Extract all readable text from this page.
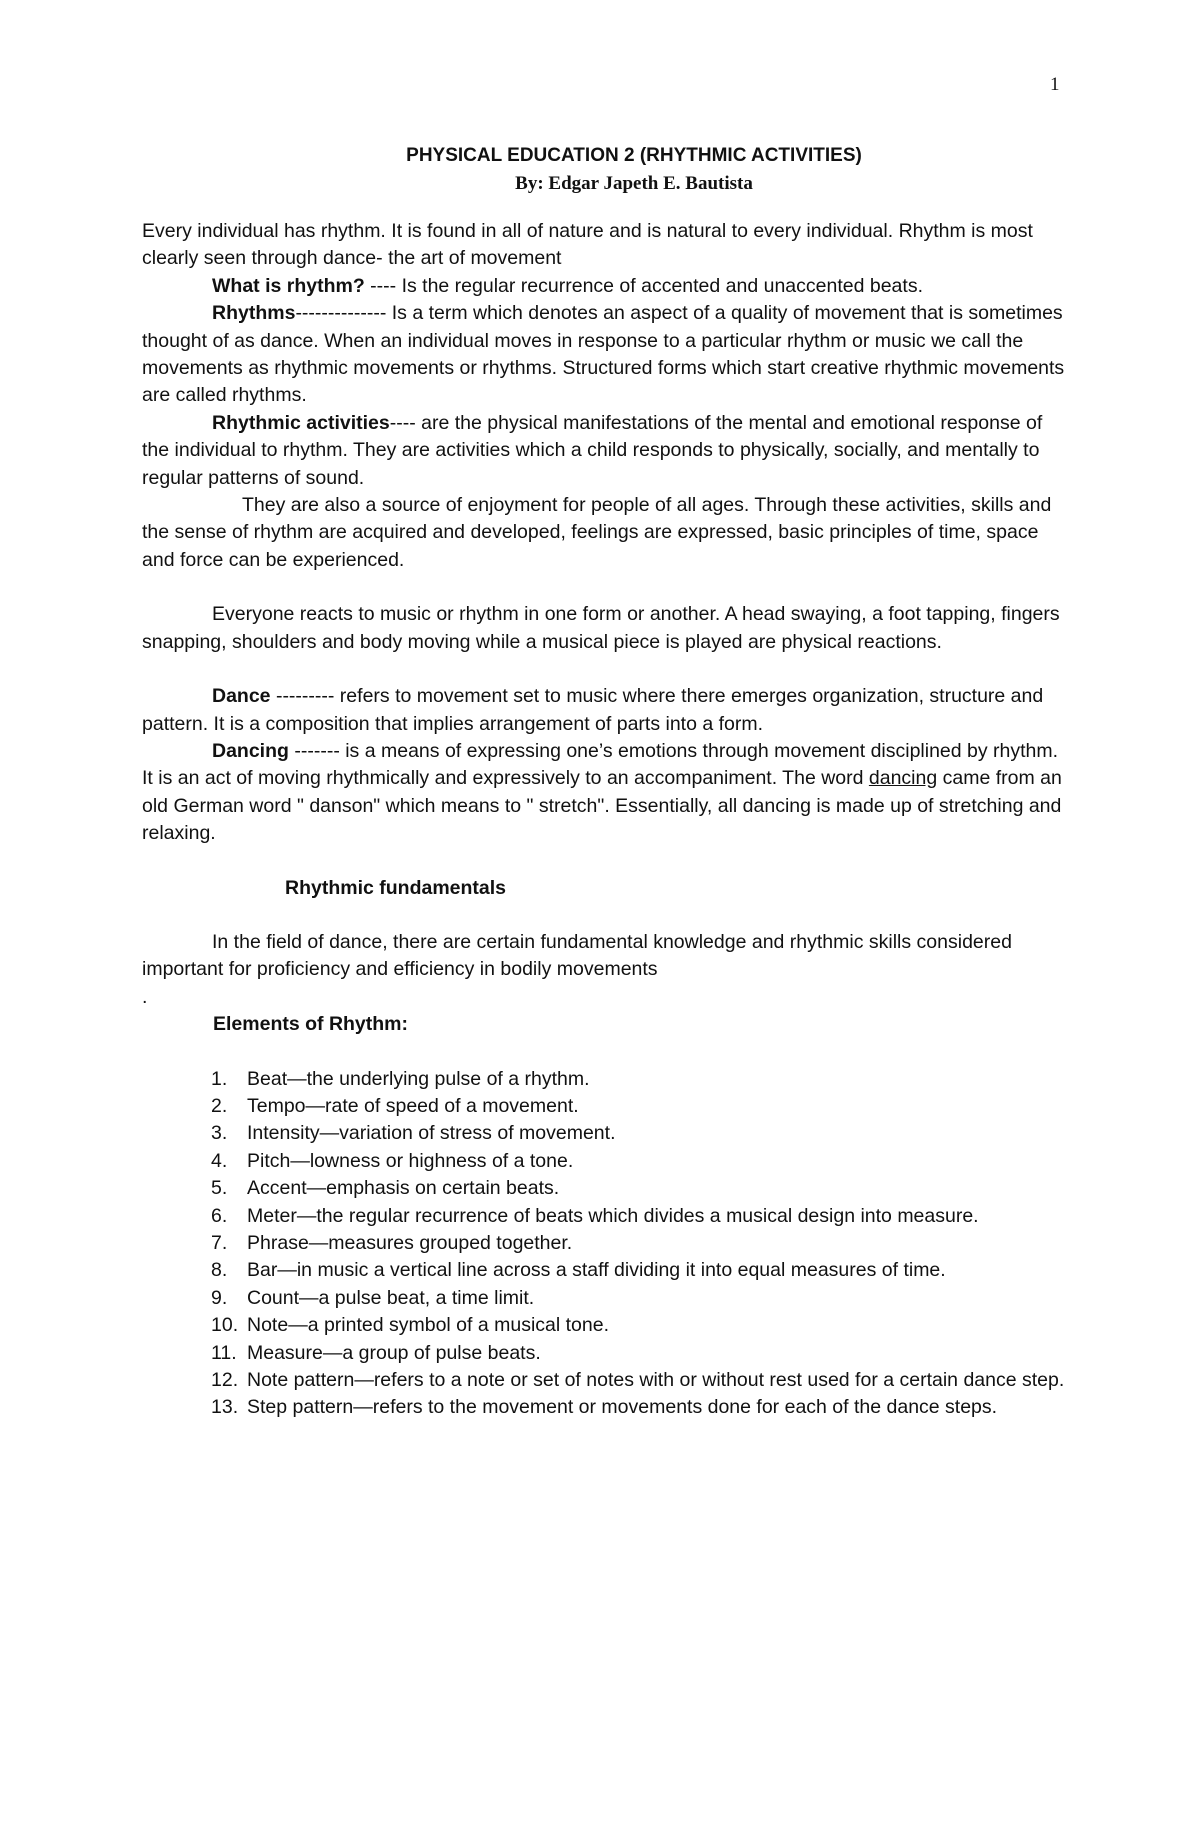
1
PHYSICAL EDUCATION 2 (RHYTHMIC ACTIVITIES)
By: Edgar Japeth E. Bautista

Every individual has rhythm. It is found in all of nature and is natural to every individual. Rhythm is most clearly seen through dance- the art of movement

What is rhythm? ---- Is the regular recurrence of accented and unaccented beats.

Rhythms-------------- Is a term which denotes an aspect of a quality of movement that is sometimes thought of as dance. When an individual moves in response to a particular rhythm or music we call the movements as rhythmic movements or rhythms. Structured forms which start creative rhythmic movements are called rhythms.

Rhythmic activities---- are the physical manifestations of the mental and emotional response of the individual to rhythm. They are activities which a child responds to physically, socially, and mentally to regular patterns of sound.

They are also a source of enjoyment for people of all ages. Through these activities, skills and the sense of rhythm are acquired and developed, feelings are expressed, basic principles of time, space and force can be experienced.

Everyone reacts to music or rhythm in one form or another. A head swaying, a foot tapping, fingers snapping, shoulders and body moving while a musical piece is played are physical reactions.

Dance --------- refers to movement set to music where there emerges organization, structure and pattern. It is a composition that implies arrangement of parts into a form.

Dancing ------- is a means of expressing one’s emotions through movement disciplined by rhythm. It is an act of moving rhythmically and expressively to an accompaniment. The word dancing came from an old German word " danson" which means to " stretch". Essentially, all dancing is made up of stretching and relaxing.

Rhythmic fundamentals

In the field of dance, there are certain fundamental knowledge and rhythmic skills considered important for proficiency and efficiency in bodily movements

.

Elements of Rhythm:

1.	Beat—the underlying pulse of a rhythm.
2.	Tempo—rate of speed of a movement.
3.	Intensity—variation of stress of movement.
4.	Pitch—lowness or highness of a tone.
5.	Accent—emphasis on certain beats.
6.	Meter—the regular recurrence of beats which divides a musical design into measure.
7.	Phrase—measures grouped together.
8.	Bar—in music a vertical line across a staff dividing it into equal measures of time.
9.	Count—a pulse beat, a time limit.
10. Note—a printed symbol of a musical tone.
11. Measure—a group of pulse beats.
12. Note pattern—refers to a note or set of notes with or without rest used for a certain dance step.
13. Step pattern—refers to the movement or movements done for each of the dance steps.
